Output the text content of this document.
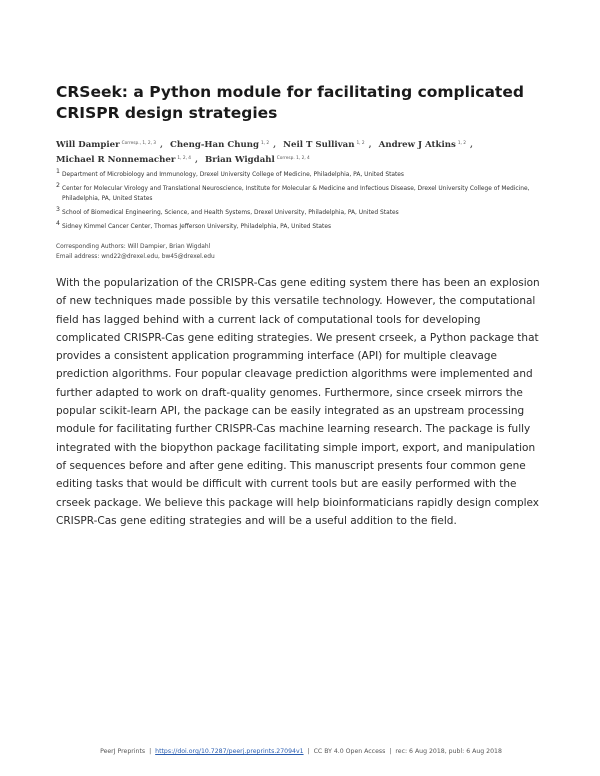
CRSeek: a Python module for facilitating complicated CRISPR design strategies
Will Dampier $^{Corresp., 1, 2, 3}$ , Cheng-Han Chung $^{1, 2}$ , Neil T Sullivan $^{1, 2}$ , Andrew J Atkins $^{1, 2}$ , Michael R Nonnemacher $^{1, 2, 4}$ , Brian Wigdahl $^{Corresp. 1, 2, 4}$
1 Department of Microbiology and Immunology, Drexel University College of Medicine, Philadelphia, PA, United States
2 Center for Molecular Virology and Translational Neuroscience, Institute for Molecular & Medicine and Infectious Disease, Drexel University College of Medicine, Philadelphia, PA, United States
3 School of Biomedical Engineering, Science, and Health Systems, Drexel University, Philadelphia, PA, United States
4 Sidney Kimmel Cancer Center, Thomas Jefferson University, Philadelphia, PA, United States
Corresponding Authors: Will Dampier, Brian Wigdahl
Email address: wnd22@drexel.edu, bw45@drexel.edu

With the popularization of the CRISPR-Cas gene editing system there has been an explosion of new techniques made possible by this versatile technology. However, the computational field has lagged behind with a current lack of computational tools for developing complicated CRISPR-Cas gene editing strategies. We present crseek, a Python package that provides a consistent application programming interface (API) for multiple cleavage prediction algorithms. Four popular cleavage prediction algorithms were implemented and further adapted to work on draft-quality genomes. Furthermore, since crseek mirrors the popular scikit-learn API, the package can be easily integrated as an upstream processing module for facilitating further CRISPR-Cas machine learning research. The package is fully integrated with the biopython package facilitating simple import, export, and manipulation of sequences before and after gene editing. This manuscript presents four common gene editing tasks that would be difficult with current tools but are easily performed with the crseek package. We believe this package will help bioinformaticians rapidly design complex CRISPR-Cas gene editing strategies and will be a useful addition to the field.

PeerJ Preprints | https://doi.org/10.7287/peerj.preprints.27094v1 | CC BY 4.0 Open Access | rec: 6 Aug 2018, publ: 6 Aug 2018
